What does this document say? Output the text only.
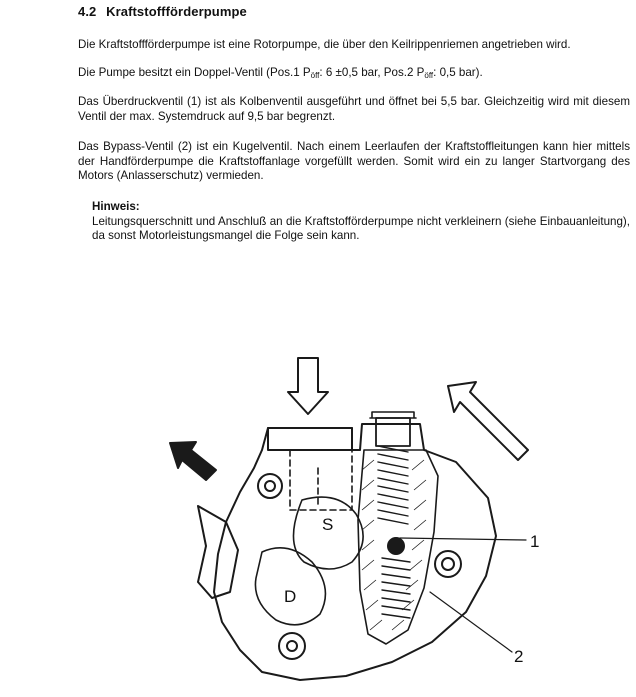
4.2 Kraftstoffförderpumpe
Die Kraftstoffförderpumpe ist eine Rotorpumpe, die über den Keilrippenriemen angetrieben wird.
Die Pumpe besitzt ein Doppel-Ventil (Pos.1 $P_{öff}$: 6 ±0,5 bar, Pos.2 $P_{öff}$: 0,5 bar).
Das Überdruckventil (1) ist als Kolbenventil ausgeführt und öffnet bei 5,5 bar. Gleichzeitig wird mit diesem Ventil der max. Systemdruck auf 9,5 bar begrenzt.
Das Bypass-Ventil (2) ist ein Kugelventil. Nach einem Leerlaufen der Kraftstoffleitungen kann hier mittels der Handförderpumpe die Kraftstoffanlage vorgefüllt werden. Somit wird ein zu langer Startvorgang des Motors (Anlasserschutz) vermieden.
Hinweis:
Leitungsquerschnitt und Anschluß an die Kraftstofförderpumpe nicht verkleinern (siehe Einbauanleitung), da sonst Motorleistungsmangel die Folge sein kann.
S
D
1
2
